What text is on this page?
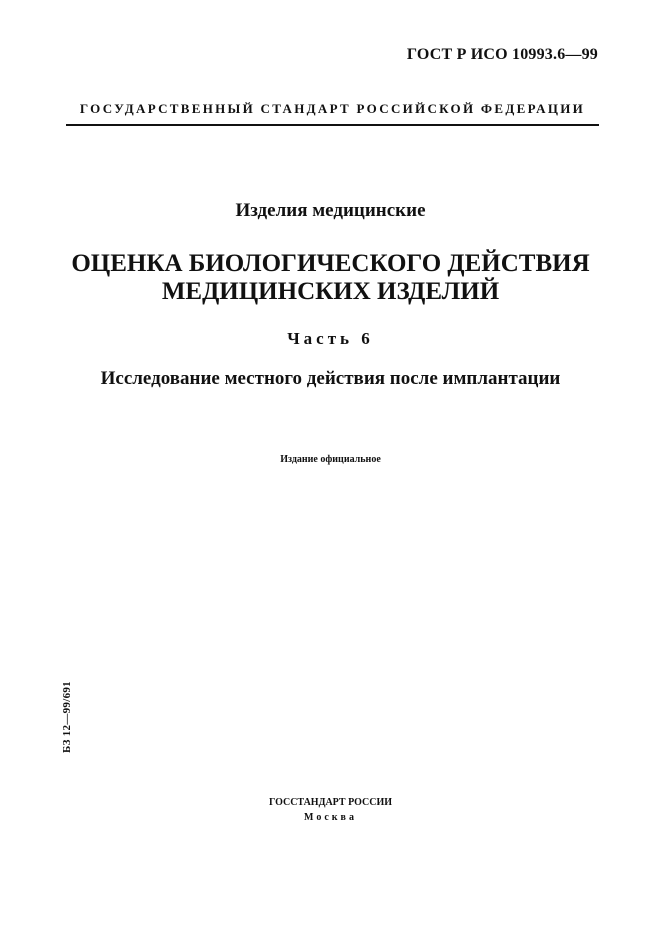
ГОСТ Р ИСО 10993.6—99
ГОСУДАРСТВЕННЫЙ СТАНДАРТ РОССИЙСКОЙ ФЕДЕРАЦИИ
Изделия медицинские
ОЦЕНКА БИОЛОГИЧЕСКОГО ДЕЙСТВИЯ
МЕДИЦИНСКИХ ИЗДЕЛИЙ
Часть 6
Исследование местного действия после имплантации
Издание официальное
БЗ 12—99/691
ГОССТАНДАРТ РОССИИ
Москва
